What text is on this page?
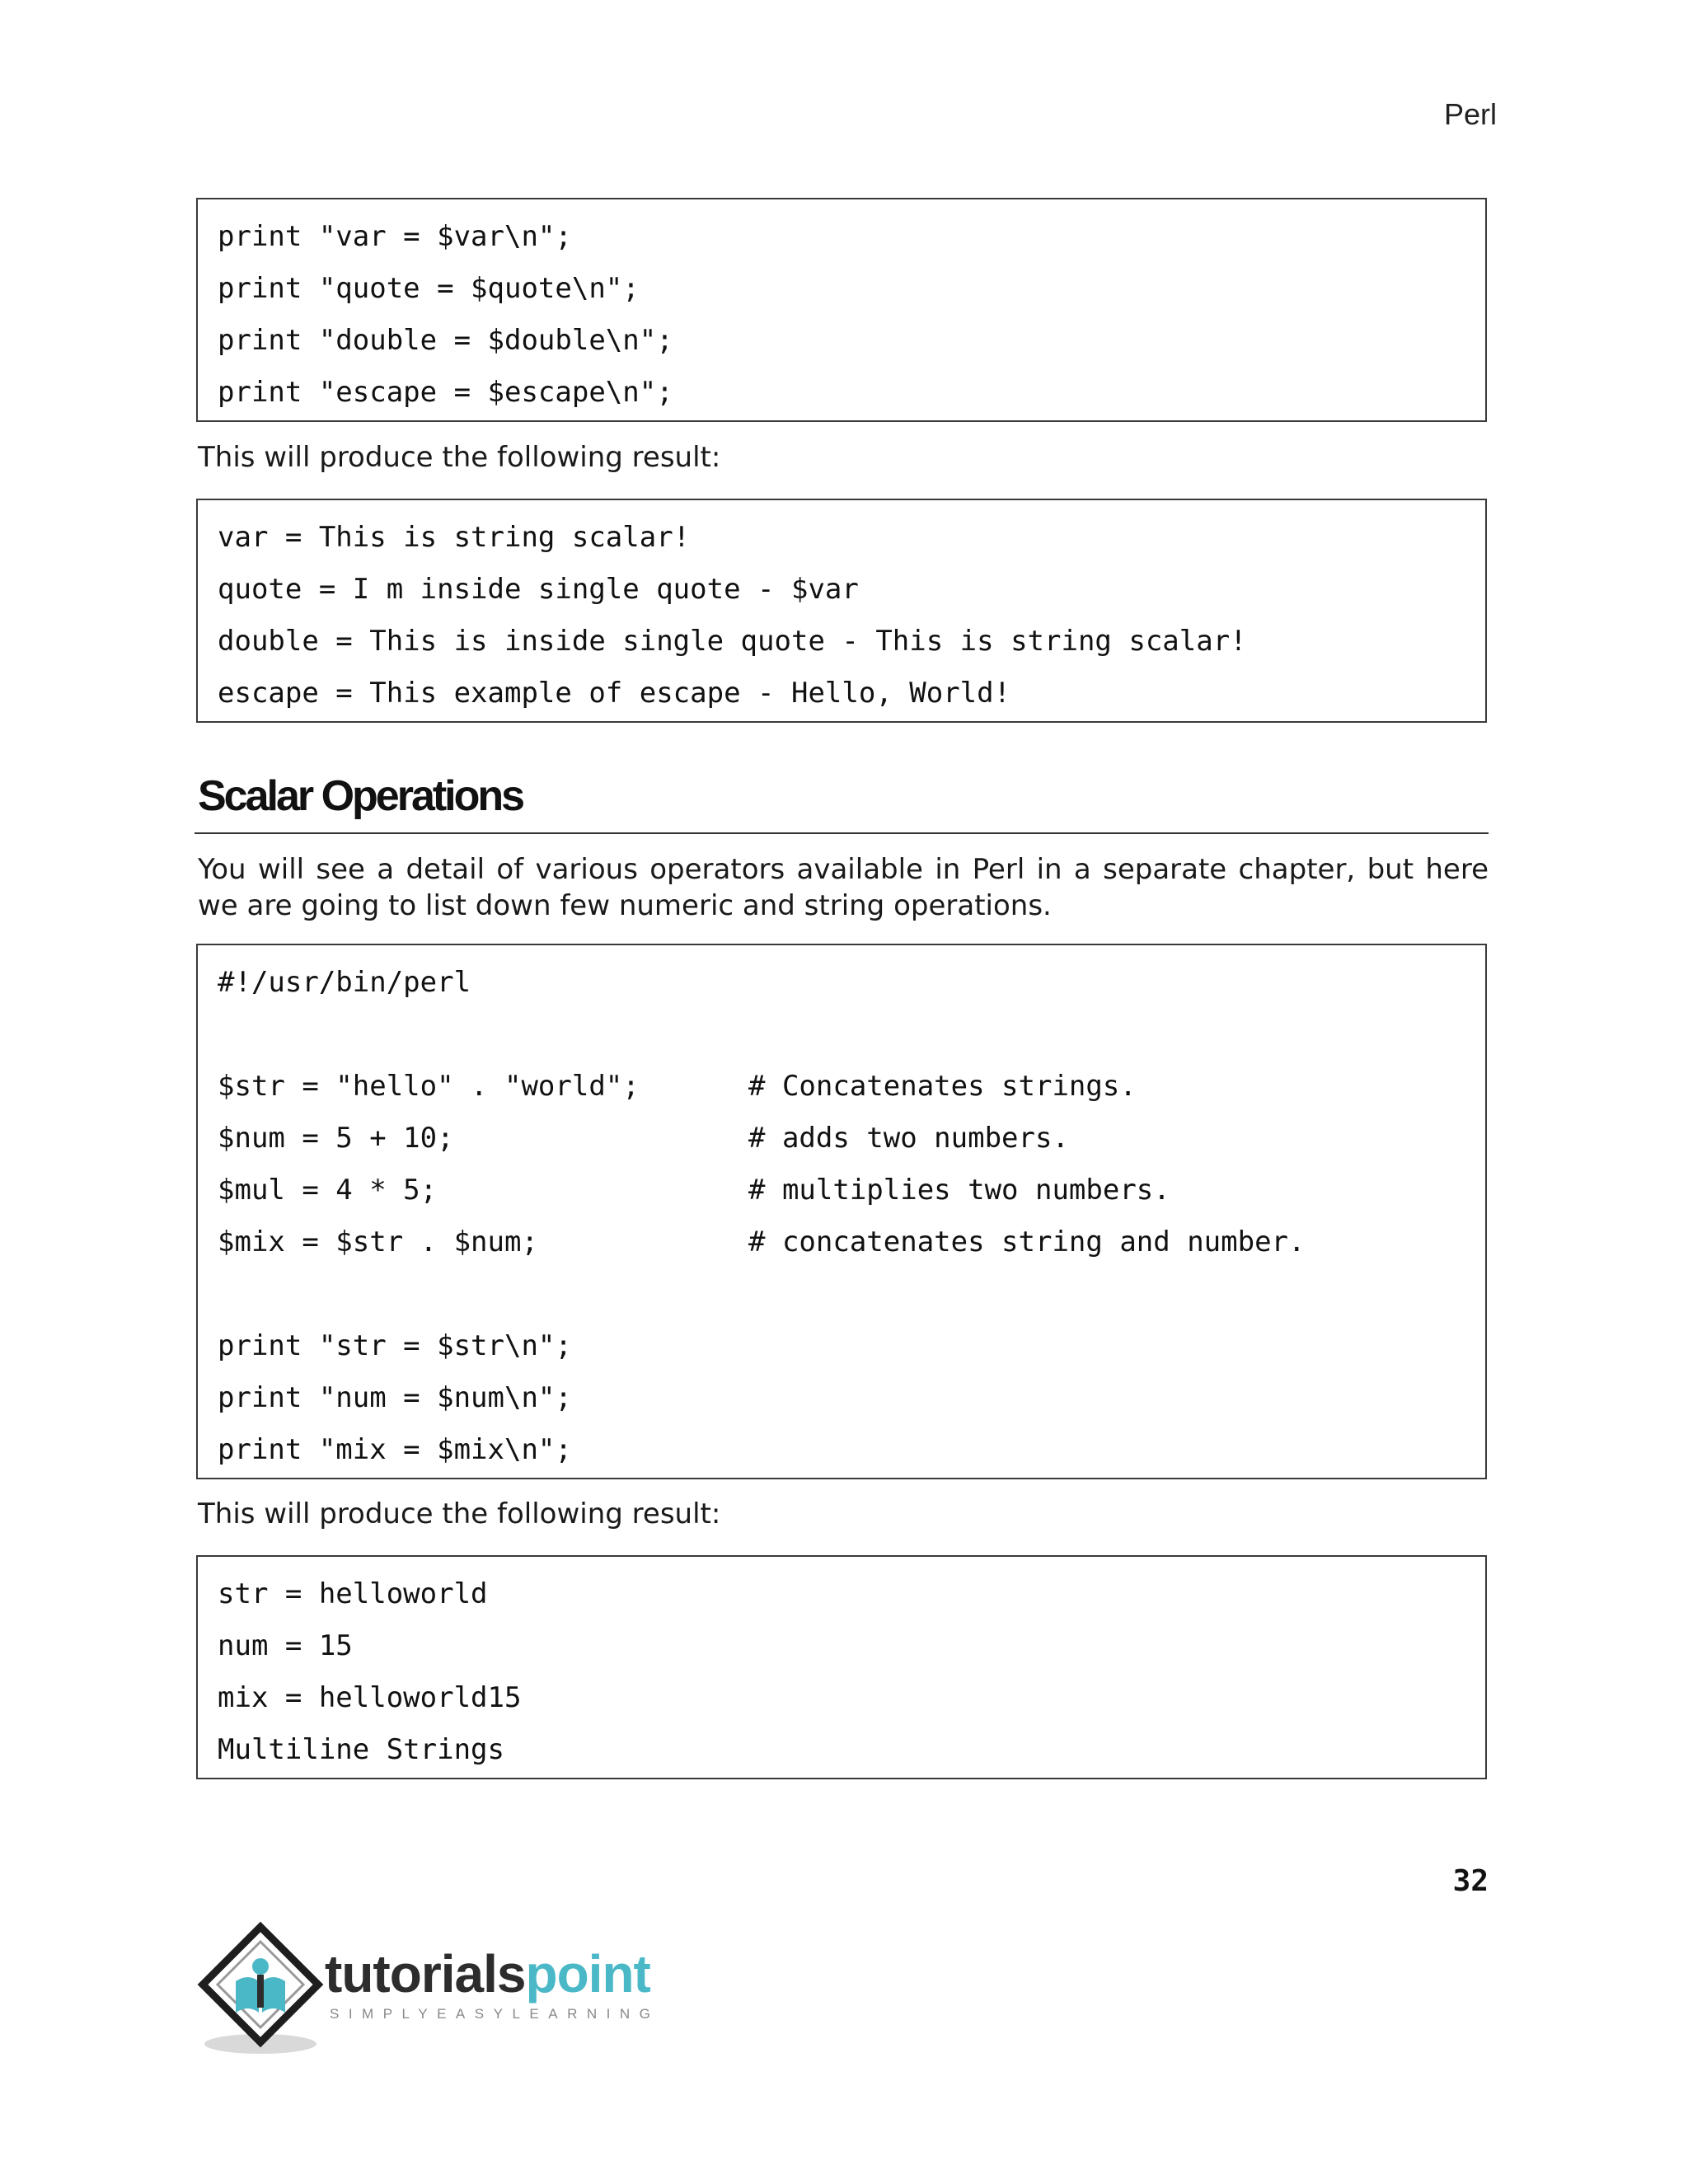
Perl
print "var = $var\n";
print "quote = $quote\n";
print "double = $double\n";
print "escape = $escape\n";
This will produce the following result:
var = This is string scalar!
quote = I m inside single quote - $var
double = This is inside single quote - This is string scalar!
escape = This example of escape - Hello, World!
Scalar Operations
You will see a detail of various operators available in Perl in a separate chapter, but here we are going to list down few numeric and string operations.
#!/usr/bin/perl
$str = "hello" . "world";	# Concatenates strings.
$num = 5 + 10;	# adds two numbers.
$mul = 4 * 5;	# multiplies two numbers.
$mix = $str . $num;	# concatenates string and number.
print "str = $str\n";
print "num = $num\n";
print "mix = $mix\n";
This will produce the following result:
str = helloworld
num = 15
mix = helloworld15
Multiline Strings
32
tutorialspoint
SIMPLYEASYLEARNING
